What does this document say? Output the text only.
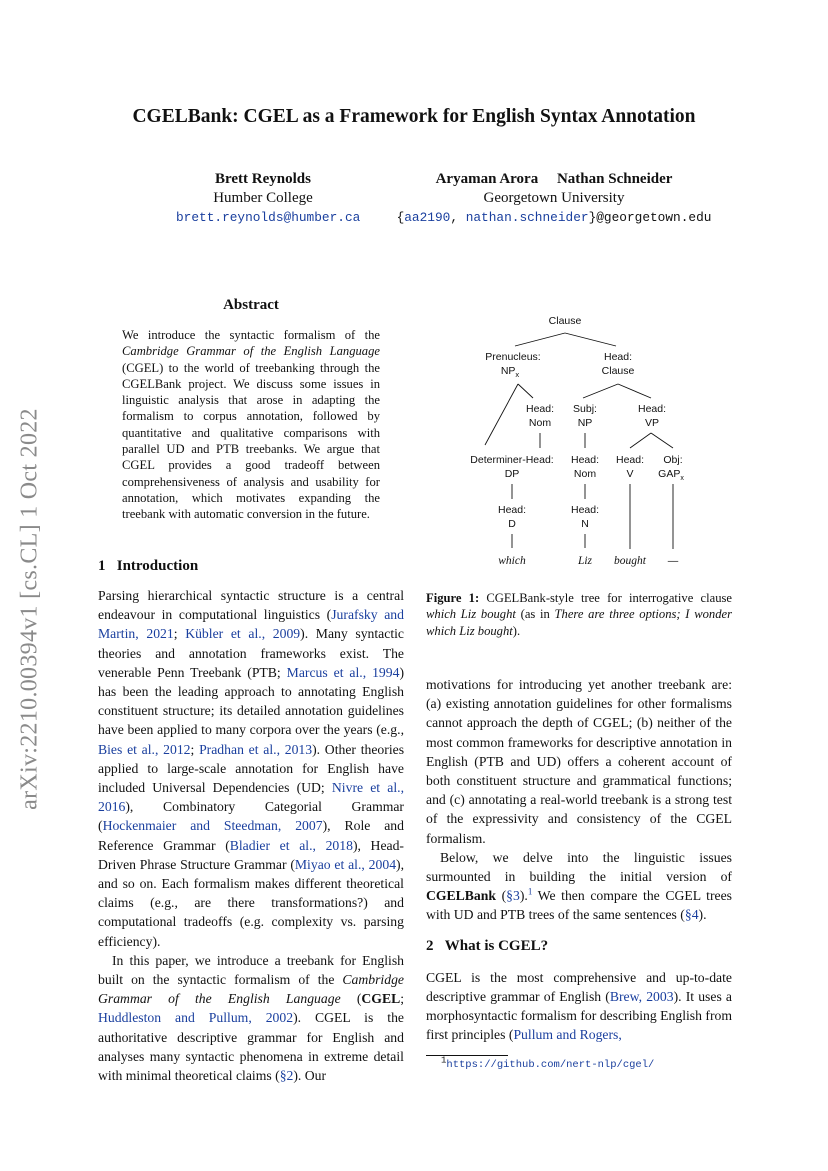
arXiv:2210.00394v1 [cs.CL] 1 Oct 2022
CGELBank: CGEL as a Framework for English Syntax Annotation
Brett Reynolds
Humber College
brett.reynolds@humber.ca
Aryaman Arora Nathan Schneider
Georgetown University
{aa2190, nathan.schneider}@georgetown.edu
Abstract
We introduce the syntactic formalism of the Cambridge Grammar of the English Language (CGEL) to the world of treebanking through the CGELBank project. We discuss some issues in linguistic analysis that arose in adapting the formalism to corpus annotation, followed by quantitative and qualitative comparisons with parallel UD and PTB treebanks. We argue that CGEL provides a good tradeoff between comprehensiveness of analysis and usability for annotation, which motivates expanding the treebank with automatic conversion in the future.
1 Introduction

Parsing hierarchical syntactic structure is a central endeavour in computational linguistics (Jurafsky and Martin, 2021; Kübler et al., 2009). Many syntactic theories and annotation frameworks exist. The venerable Penn Treebank (PTB; Marcus et al., 1994) has been the leading approach to annotating English constituent structure; its detailed annotation guidelines have been applied to many corpora over the years (e.g., Bies et al., 2012; Pradhan et al., 2013). Other theories applied to large-scale annotation for English have included Universal Dependencies (UD; Nivre et al., 2016), Combinatory Categorial Grammar (Hockenmaier and Steedman, 2007), Role and Reference Grammar (Bladier et al., 2018), Head-Driven Phrase Structure Grammar (Miyao et al., 2004), and so on. Each formalism makes different theoretical claims (e.g., are there transformations?) and computational tradeoffs (e.g. complexity vs. parsing efficiency).

In this paper, we introduce a treebank for English built on the syntactic formalism of the Cambridge Grammar of the English Language (CGEL; Huddleston and Pullum, 2002). CGEL is the authoritative descriptive grammar for English and analyses many syntactic phenomena in extreme detail with minimal theoretical claims (§2). Our

Clause
Prenucleus:
$NP_x$
Head:
Clause
Head:
Nom
Subj:
NP
Head:
VP
Determiner-Head:
DP
Head:
Nom
Head:
V
Obj:
$GAP_x$
Head:
D
Head:
N
which	Liz bought —
Figure 1: CGELBank-style tree for interrogative clause which Liz bought (as in There are three options; I wonder which Liz bought).

motivations for introducing yet another treebank are: (a) existing annotation guidelines for other formalisms cannot approach the depth of CGEL; (b) neither of the most common frameworks for descriptive annotation in English (PTB and UD) offers a coherent account of both constituent structure and grammatical functions; and (c) annotating a real-world treebank is a strong test of the expressivity and consistency of the CGEL formalism.

Below, we delve into the linguistic issues surmounted in building the initial version of CGELBank (§3).$^1$ We then compare the CGEL trees with UD and PTB trees of the same sentences (§4).

2 What is CGEL?

CGEL is the most comprehensive and up-to-date descriptive grammar of English (Brew, 2003). It uses a morphosyntactic formalism for describing English from first principles (Pullum and Rogers,

$^1$https://github.com/nert-nlp/cgel/
